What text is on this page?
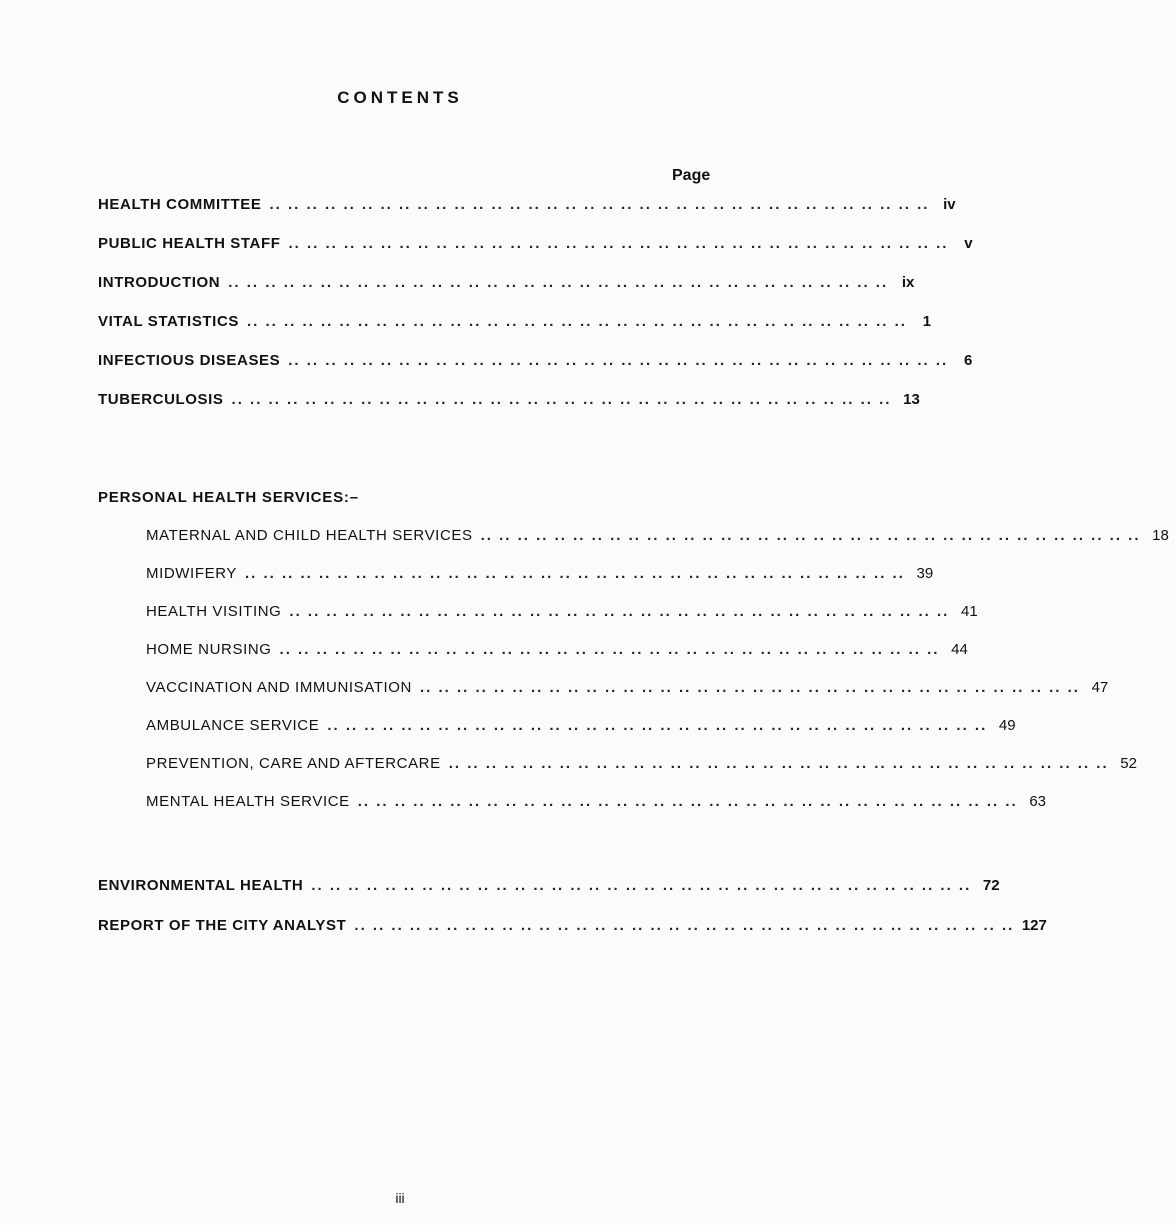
CONTENTS
Page
HEALTH COMMITTEE .. .. .. .. .. .. .. .. .. .. .. .. .. .. .. .. .. .. .. .. .. .. .. .. .. .. .. .. .. .. .. .. .. .. .. .. iv
PUBLIC HEALTH STAFF .. .. .. .. .. .. .. .. .. .. .. .. .. .. .. .. .. .. .. .. .. .. .. .. .. .. .. .. .. .. .. .. .. .. .. ..	v
INTRODUCTION .. .. .. .. .. .. .. .. .. .. .. .. .. .. .. .. .. .. .. .. .. .. .. .. .. .. .. .. .. .. .. .. .. .. .. .. ix
VITAL STATISTICS .. .. .. .. .. .. .. .. .. .. .. .. .. .. .. .. .. .. .. .. .. .. .. .. .. .. .. .. .. .. .. .. .. .. .. ..	1
INFECTIOUS DISEASES .. .. .. .. .. .. .. .. .. .. .. .. .. .. .. .. .. .. .. .. .. .. .. .. .. .. .. .. .. .. .. .. .. .. .. ..	6
TUBERCULOSIS .. .. .. .. .. .. .. .. .. .. .. .. .. .. .. .. .. .. .. .. .. .. .. .. .. .. .. .. .. .. .. .. .. .. .. .. 13
PERSONAL HEALTH SERVICES:–
MATERNAL AND CHILD HEALTH SERVICES .. .. .. .. .. .. .. .. .. .. .. .. .. .. .. .. .. .. .. .. .. .. .. .. .. .. .. .. .. .. .. .. .. .. .. .. 18
MIDWIFERY .. .. .. .. .. .. .. .. .. .. .. .. .. .. .. .. .. .. .. .. .. .. .. .. .. .. .. .. .. .. .. .. .. .. .. .. 39
HEALTH VISITING .. .. .. .. .. .. .. .. .. .. .. .. .. .. .. .. .. .. .. .. .. .. .. .. .. .. .. .. .. .. .. .. .. .. .. .. 41
HOME NURSING .. .. .. .. .. .. .. .. .. .. .. .. .. .. .. .. .. .. .. .. .. .. .. .. .. .. .. .. .. .. .. .. .. .. .. .. 44
VACCINATION AND IMMUNISATION .. .. .. .. .. .. .. .. .. .. .. .. .. .. .. .. .. .. .. .. .. .. .. .. .. .. .. .. .. .. .. .. .. .. .. .. 47
AMBULANCE SERVICE .. .. .. .. .. .. .. .. .. .. .. .. .. .. .. .. .. .. .. .. .. .. .. .. .. .. .. .. .. .. .. .. .. .. .. .. 49
PREVENTION, CARE AND AFTERCARE .. .. .. .. .. .. .. .. .. .. .. .. .. .. .. .. .. .. .. .. .. .. .. .. .. .. .. .. .. .. .. .. .. .. .. .. 52
MENTAL HEALTH SERVICE .. .. .. .. .. .. .. .. .. .. .. .. .. .. .. .. .. .. .. .. .. .. .. .. .. .. .. .. .. .. .. .. .. .. .. .. 63
ENVIRONMENTAL HEALTH .. .. .. .. .. .. .. .. .. .. .. .. .. .. .. .. .. .. .. .. .. .. .. .. .. .. .. .. .. .. .. .. .. .. .. .. 72
REPORT OF THE CITY ANALYST .. .. .. .. .. .. .. .. .. .. .. .. .. .. .. .. .. .. .. .. .. .. .. .. .. .. .. .. .. .. .. .. .. .. .. .. 127
iii
